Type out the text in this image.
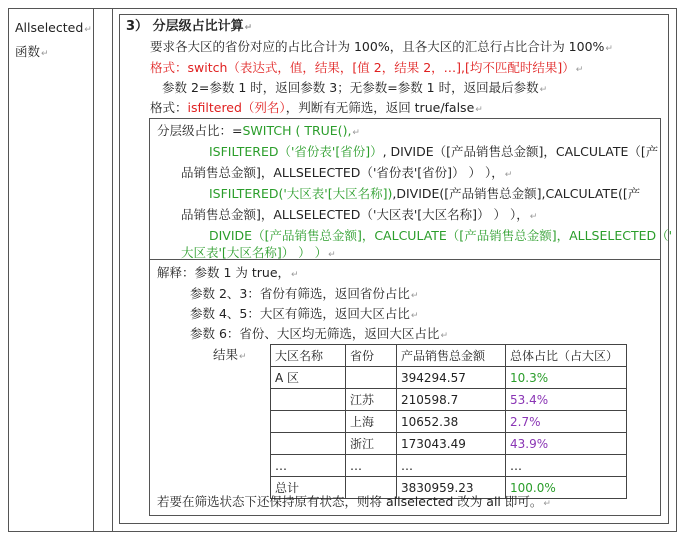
Allselected↵
函数↵
3） 分层级占比计算↵
要求各大区的省份对应的占比合计为 100%，且各大区的汇总行占比合计为 100%↵
格式：switch（表达式，值，结果，[值 2，结果 2，…],[均不匹配时结果]）↵
参数 2=参数 1 时，返回参数 3；无参数=参数 1 时，返回最后参数↵
格式：isfiltered（列名），判断有无筛选，返回 true/false↵
分层级占比：=SWITCH ( TRUE(),↵
ISFILTERED（'省份表'[省份]）, DIVIDE（[产品销售总金额]，CALCULATE（[产
品销售总金额]，ALLSELECTED（'省份表'[省份]） ） ），↵
ISFILTERED('大区表'[大区名称]),DIVIDE([产品销售总金额],CALCULATE([产
品销售总金额]，ALLSELECTED（'大区表'[大区名称]） ） ），↵
DIVIDE（[产品销售总金额]，CALCULATE（[产品销售总金额]，ALLSELECTED（'
大区表'[大区名称]） ） ）↵
解释：参数 1 为 true，↵
参数 2、3：省份有筛选，返回省份占比↵
参数 4、5：大区有筛选，返回大区占比↵
参数 6：省份、大区均无筛选，返回大区占比↵
结果↵ 大区名称	省份	产品销售总金额	总体占比（占大区）
A 区		394294.57	10.3%
	江苏	210598.7	53.4%
	上海	10652.38	2.7%
	浙江	173043.49	43.9%
…	…	…	…
总计		3830959.23	100.0%
若要在筛选状态下还保持原有状态，则将 allselected 改为 all 即可。↵
